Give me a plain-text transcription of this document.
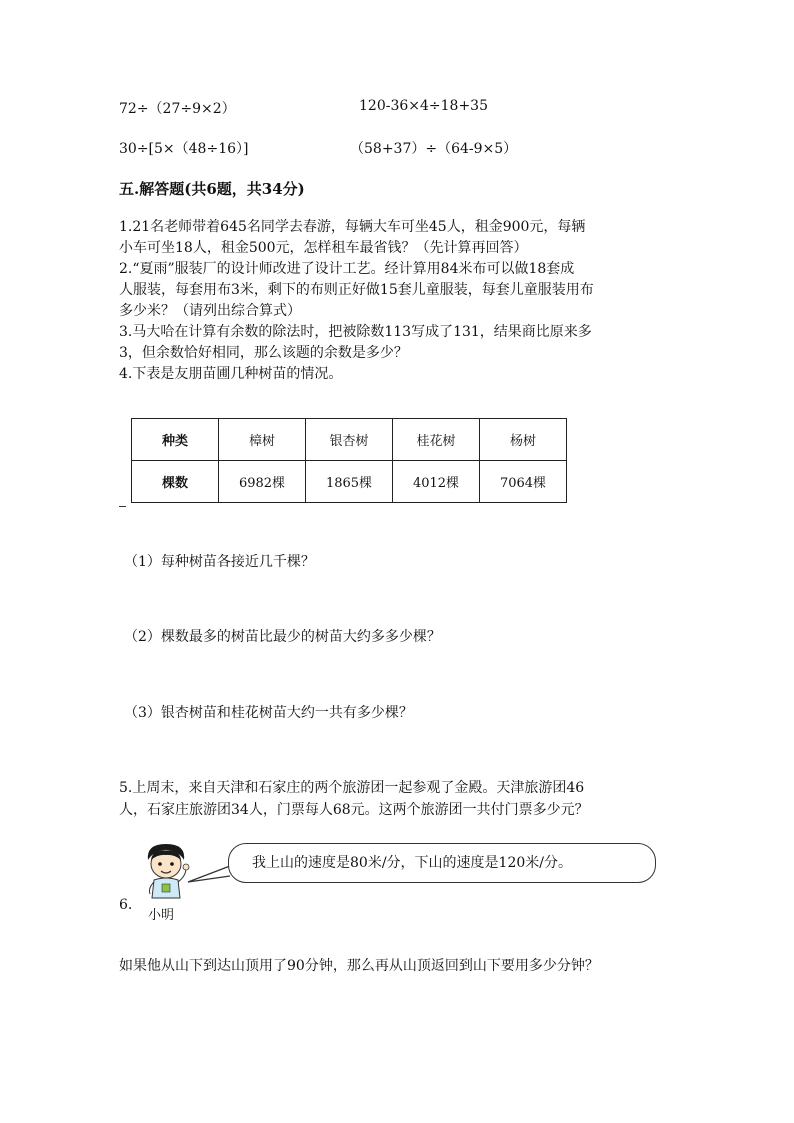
72÷（27÷9×2）	120-36×4÷18+35
30÷[5×（48÷16）]	（58+37）÷（64-9×5）
五.解答题(共6题，共34分)
1.21名老师带着645名同学去春游，每辆大车可坐45人，租金900元，每辆
小车可坐18人，租金500元，怎样租车最省钱？（先计算再回答）
2.“夏雨”服装厂的设计师改进了设计工艺。经计算用84米布可以做18套成
人服装，每套用布3米，剩下的布则正好做15套儿童服装，每套儿童服装用布
多少米？（请列出综合算式）
3.马大哈在计算有余数的除法时，把被除数113写成了131，结果商比原来多
3，但余数恰好相同，那么该题的余数是多少？
4.下表是友朋苗圃几种树苗的情况。
种类	樟树	银杏树	桂花树	杨树
棵数	6982棵	1865棵	4012棵	7064棵
（1）每种树苗各接近几千棵？
（2）棵数最多的树苗比最少的树苗大约多多少棵？
（3）银杏树苗和桂花树苗大约一共有多少棵？
5.上周末，来自天津和石家庄的两个旅游团一起参观了金殿。天津旅游团46
人，石家庄旅游团34人，门票每人68元。这两个旅游团一共付门票多少元？
6.
小明
我上山的速度是80米/分，下山的速度是120米/分。
如果他从山下到达山顶用了90分钟，那么再从山顶返回到山下要用多少分钟？
